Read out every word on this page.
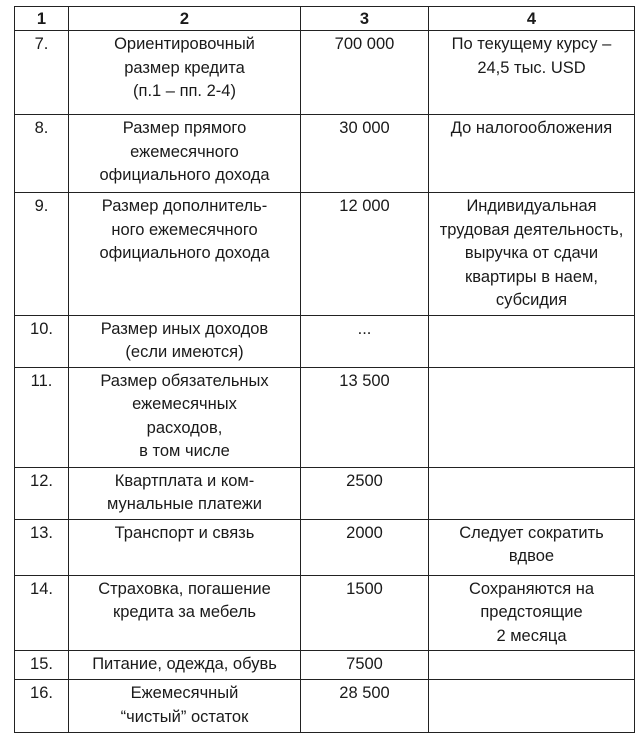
1	2	3	4
7.	Ориентировочный
размер кредита
(п.1 – пп. 2-4)	700 000	По текущему курсу –
24,5 тыс. USD
8.	Размер прямого
ежемесячного
официального дохода	30 000	До налогообложения
9.	Размер дополнитель-
ного ежемесячного
официального дохода	12 000	Индивидуальная
трудовая деятельность,
выручка от сдачи
квартиры в наем,
субсидия
10.	Размер иных доходов
(если имеются)	...	
11.	Размер обязательных
ежемесячных
расходов,
в том числе	13 500	
12.	Квартплата и ком-
мунальные платежи	2500	
13.	Транспорт и связь	2000	Следует сократить
вдвое
14.	Страховка, погашение
кредита за мебель	1500	Сохраняются на
предстоящие
2 месяца
15.	Питание, одежда, обувь	7500	
16.	Ежемесячный
“чистый” остаток	28 500	
